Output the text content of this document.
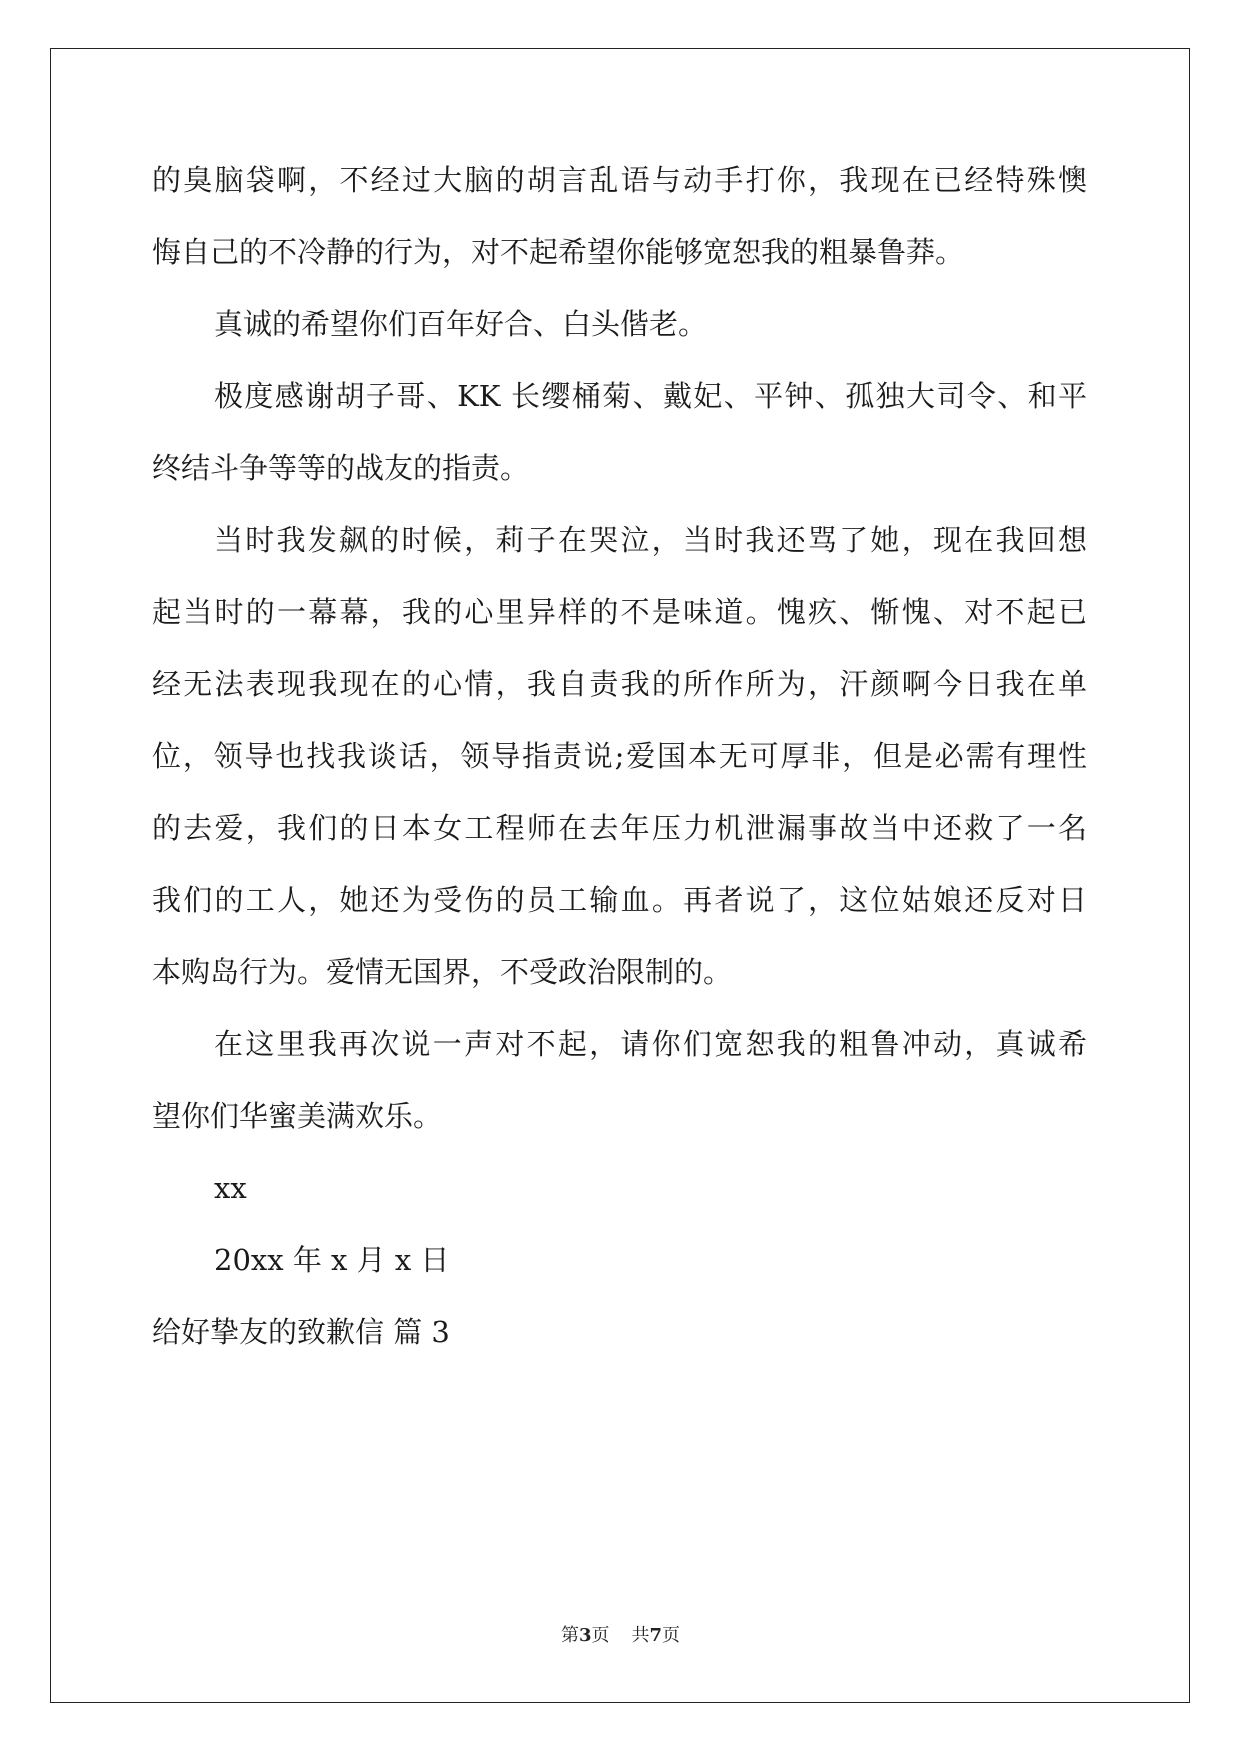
的臭脑袋啊，不经过大脑的胡言乱语与动手打你，我现在已经特殊懊
悔自己的不冷静的行为，对不起希望你能够宽恕我的粗暴鲁莽。
真诚的希望你们百年好合、白头偕老。
极度感谢胡子哥、KK 长缨桶菊、戴妃、平钟、孤独大司令、和平
终结斗争等等的战友的指责。
当时我发飙的时候，莉子在哭泣，当时我还骂了她，现在我回想
起当时的一幕幕，我的心里异样的不是味道。愧疚、惭愧、对不起已
经无法表现我现在的心情，我自责我的所作所为，汗颜啊今日我在单
位，领导也找我谈话，领导指责说;爱国本无可厚非，但是必需有理性
的去爱，我们的日本女工程师在去年压力机泄漏事故当中还救了一名
我们的工人，她还为受伤的员工输血。再者说了，这位姑娘还反对日
本购岛行为。爱情无国界，不受政治限制的。
在这里我再次说一声对不起，请你们宽恕我的粗鲁冲动，真诚希
望你们华蜜美满欢乐。
xx
20xx 年 x 月 x 日
给好挚友的致歉信 篇 3
第3页 共7页
